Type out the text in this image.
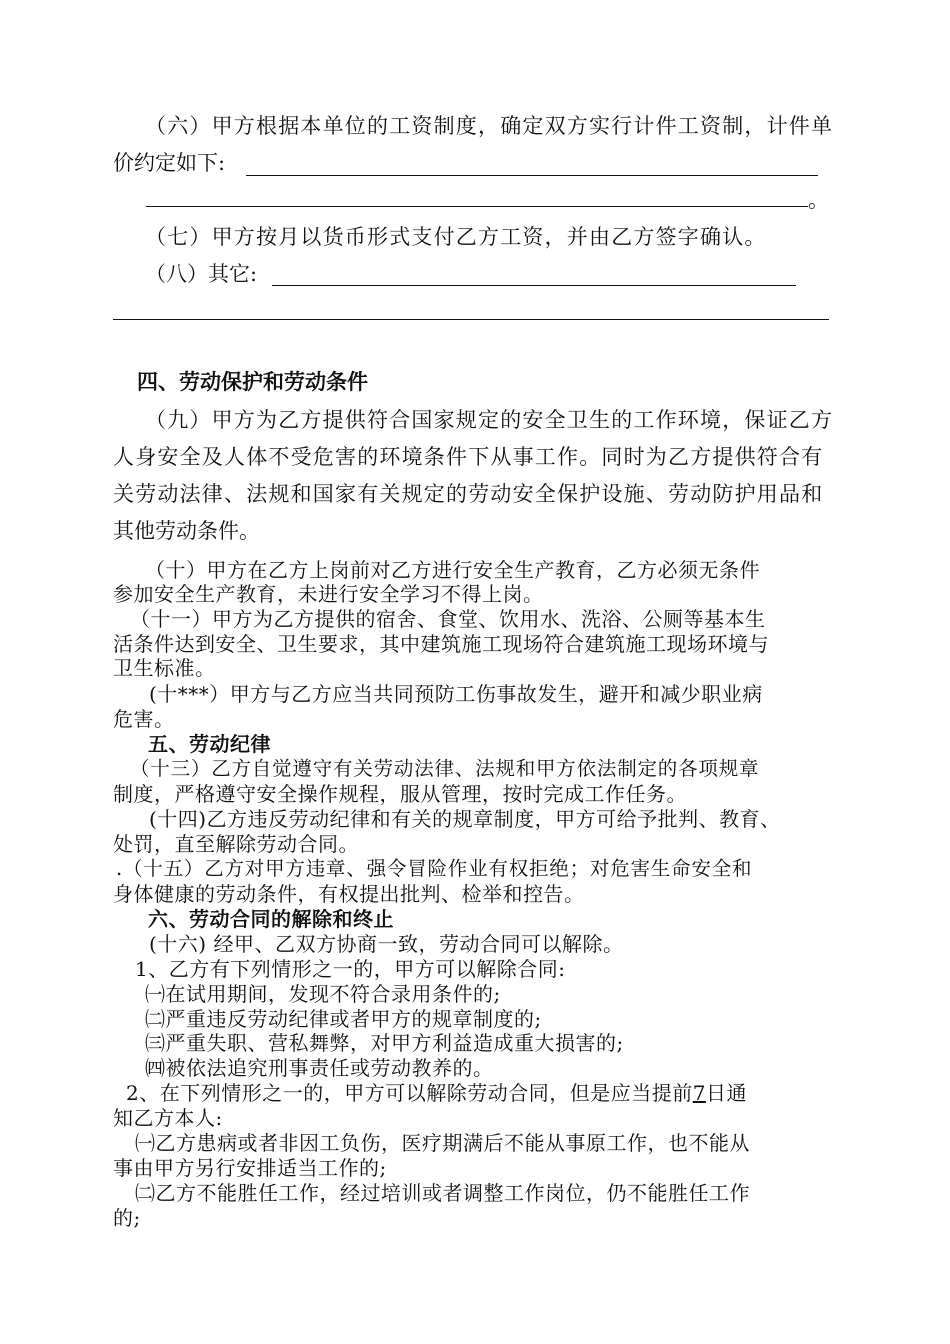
（六）甲方根据本单位的工资制度，确定双方实行计件工资制，计件单
价约定如下:
。
（七）甲方按月以货币形式支付乙方工资，并由乙方签字确认。
（八）其它:
四、劳动保护和劳动条件
（九）甲方为乙方提供符合国家规定的安全卫生的工作环境，保证乙方
人身安全及人体不受危害的环境条件下从事工作。同时为乙方提供符合有
关劳动法律、法规和国家有关规定的劳动安全保护设施、劳动防护用品和
其他劳动条件。
（十）甲方在乙方上岗前对乙方进行安全生产教育，乙方必须无条件
参加安全生产教育，未进行安全学习不得上岗。
（十一）甲方为乙方提供的宿舍、食堂、饮用水、洗浴、公厕等基本生
活条件达到安全、卫生要求，其中建筑施工现场符合建筑施工现场环境与
卫生标准。
(十***）甲方与乙方应当共同预防工伤事故发生，避开和减少职业病
危害。
五、劳动纪律
（十三）乙方自觉遵守有关劳动法律、法规和甲方依法制定的各项规章
制度，严格遵守安全操作规程，服从管理，按时完成工作任务。
(十四)乙方违反劳动纪律和有关的规章制度，甲方可给予批判、教育、
处罚，直至解除劳动合同。
.（十五）乙方对甲方违章、强令冒险作业有权拒绝；对危害生命安全和
身体健康的劳动条件，有权提出批判、检举和控告。
六、劳动合同的解除和终止
(十六) 经甲、乙双方协商一致，劳动合同可以解除。
1、乙方有下列情形之一的，甲方可以解除合同:
㈠在试用期间，发现不符合录用条件的;
㈡严重违反劳动纪律或者甲方的规章制度的;
㈢严重失职、营私舞弊，对甲方利益造成重大损害的;
㈣被依法追究刑事责任或劳动教养的。
2、在下列情形之一的，甲方可以解除劳动合同，但是应当提前7日通
知乙方本人:
㈠乙方患病或者非因工负伤，医疗期满后不能从事原工作，也不能从
事由甲方另行安排适当工作的;
㈡乙方不能胜任工作，经过培训或者调整工作岗位，仍不能胜任工作
的;
